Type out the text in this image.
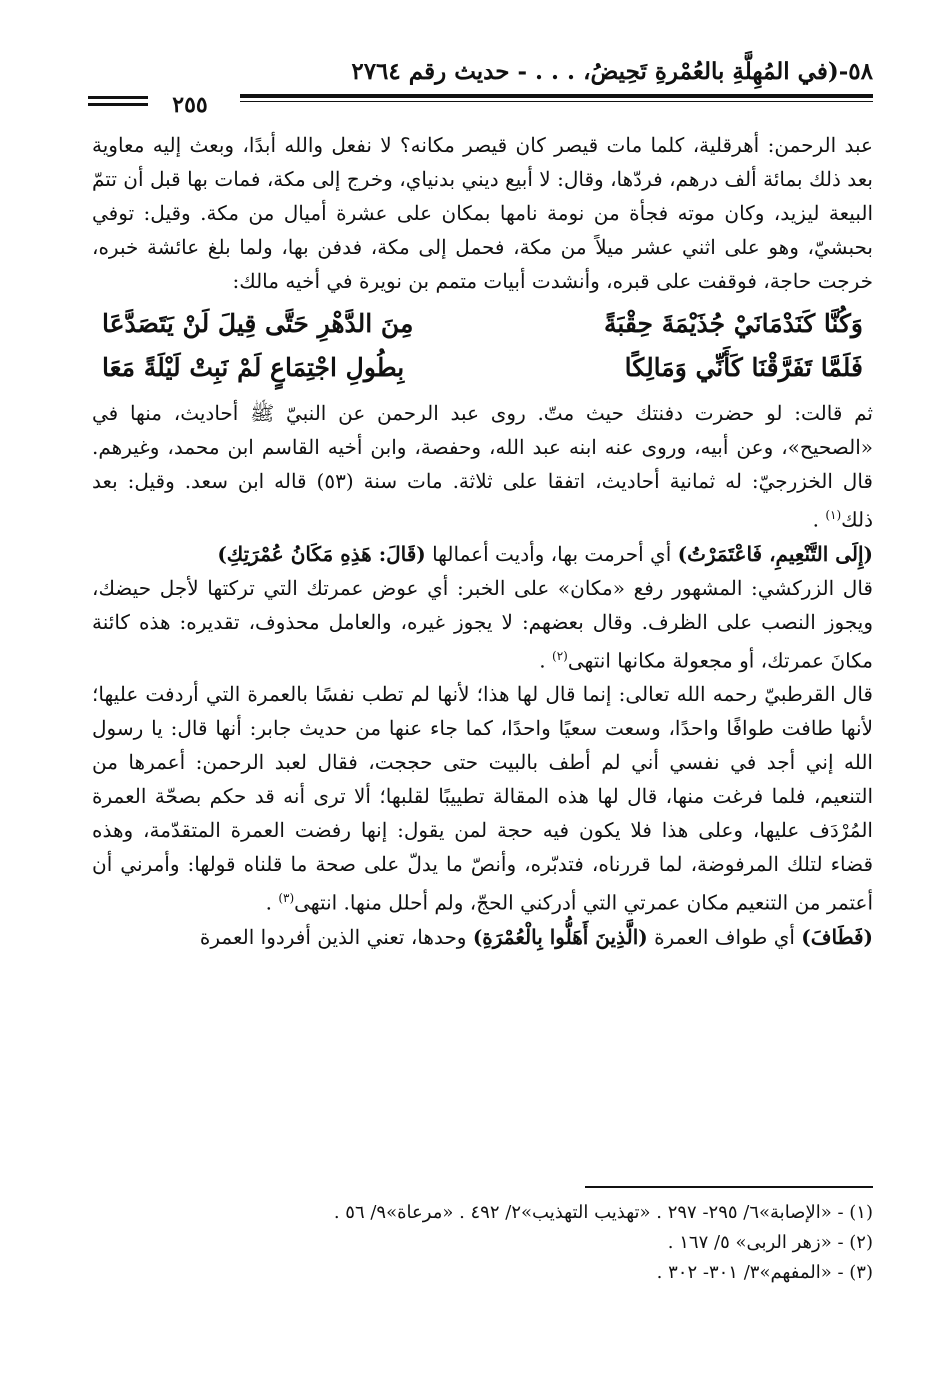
٥٨-(في المُهِلَّةِ بالعُمْرةِ تَحِيضُ، . . . - حديث رقم ٢٧٦٤
٢٥٥

عبد الرحمن: أهرقلية، كلما مات قيصر كان قيصر مكانه؟ لا نفعل والله أبدًا، وبعث إليه معاوية بعد ذلك بمائة ألف درهم، فردّها، وقال: لا أبيع ديني بدنياي، وخرج إلى مكة، فمات بها قبل أن تتمّ البيعة ليزيد، وكان موته فجأة من نومة نامها بمكان على عشرة أميال من مكة. وقيل: توفي بحبشيّ، وهو على اثني عشر ميلاً من مكة، فحمل إلى مكة، فدفن بها، ولما بلغ عائشة خبره، خرجت حاجة، فوقفت على قبره، وأنشدت أبيات متمم بن نويرة في أخيه مالك:

وَكُنَّا كَنَدْمَانَيْ جُذَيْمَةَ حِقْبَةً
مِنَ الدَّهْرِ حَتَّى قِيلَ لَنْ يَتَصَدَّعَا
فَلَمَّا تَفَرَّقْنَا كَأَنِّي وَمَالِكًا
بِطُولِ اجْتِمَاعٍ لَمْ نَبِتْ لَيْلَةً مَعَا

ثم قالت: لو حضرت دفنتك حيث متّ. روى عبد الرحمن عن النبيّ ﷺ أحاديث، منها في «الصحيح»، وعن أبيه، وروى عنه ابنه عبد الله، وحفصة، وابن أخيه القاسم ابن محمد، وغيرهم. قال الخزرجيّ: له ثمانية أحاديث، اتفقا على ثلاثة. مات سنة (٥٣) قاله ابن سعد. وقيل: بعد ذلك$^{(١)}$ .

(إِلَى التَّنْعِيمِ، فَاعْتَمَرْتُ) أي أحرمت بها، وأديت أعمالها (قَالَ: هَذِهِ مَكَانُ عُمْرَتِكِ)

قال الزركشي: المشهور رفع «مكان» على الخبر: أي عوض عمرتك التي تركتها لأجل حيضك، ويجوز النصب على الظرف. وقال بعضهم: لا يجوز غيره، والعامل محذوف، تقديره: هذه كائنة مكانَ عمرتك، أو مجعولة مكانها انتهى$^{(٢)}$ .

قال القرطبيّ رحمه الله تعالى: إنما قال لها هذا؛ لأنها لم تطب نفسًا بالعمرة التي أردفت عليها؛ لأنها طافت طوافًا واحدًا، وسعت سعيًا واحدًا، كما جاء عنها من حديث جابر: أنها قال: يا رسول الله إني أجد في نفسي أني لم أطف بالبيت حتى حججت، فقال لعبد الرحمن: أعمرها من التنعيم، فلما فرغت منها، قال لها هذه المقالة تطييبًا لقلبها؛ ألا ترى أنه قد حكم بصحّة العمرة المُرْدَف عليها، وعلى هذا فلا يكون فيه حجة لمن يقول: إنها رفضت العمرة المتقدّمة، وهذه قضاء لتلك المرفوضة، لما قررناه، فتدبّره، وأنصّ ما يدلّ على صحة ما قلناه قولها: وأمرني أن أعتمر من التنعيم مكان عمرتي التي أدركني الحجّ، ولم أحلل منها. انتهى$^{(٣)}$ .

(فَطَافَ) أي طواف العمرة (الَّذِينَ أَهَلُّوا بِالْعُمْرَةِ) وحدها، تعني الذين أفردوا العمرة

(١) - «الإصابة»٦/ ٢٩٥- ٢٩٧ . «تهذيب التهذيب»٢/ ٤٩٢ . «مرعاة»٩/ ٥٦ .

(٢) - «زهر الربى» ٥/ ١٦٧ .

(٣) - «المفهم»٣/ ٣٠١- ٣٠٢ .
